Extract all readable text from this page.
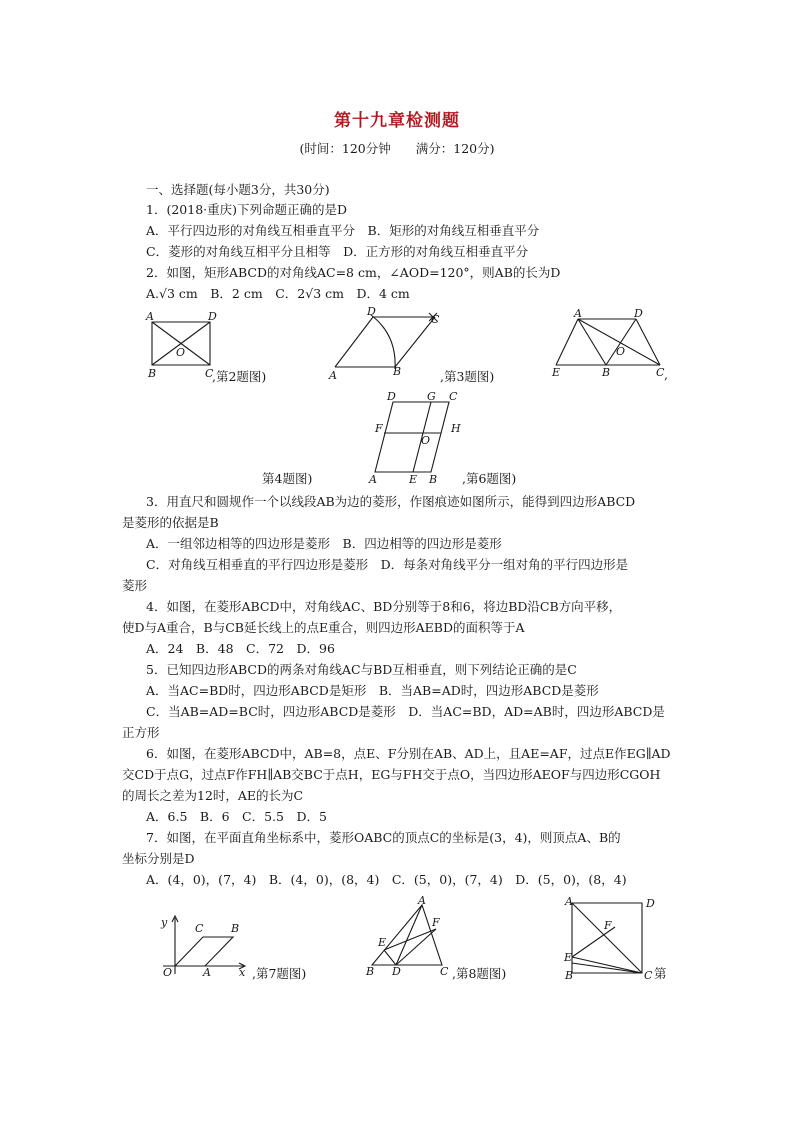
第十九章检测题
(时间：120分钟　　满分：120分)
一、选择题(每小题3分，共30分)
1．(2018·重庆)下列命题正确的是D
A．平行四边形的对角线互相垂直平分　B．矩形的对角线互相垂直平分
C．菱形的对角线互相平分且相等　D．正方形的对角线互相垂直平分
2．如图，矩形ABCD的对角线AC=8 cm，∠AOD=120°，则AB的长为D
A.√3 cm　B．2 cm　C．2√3 cm　D．4 cm
A	D
O
B	C
,第2题图)
D
C
A	B	,第3题图)
A	D
O
E	B	C ,
A
D	G C
F
O
H
E B
第4题图)	,第6题图)
3．用直尺和圆规作一个以线段AB为边的菱形，作图痕迹如图所示，能得到四边形ABCD
是菱形的依据是B
A．一组邻边相等的四边形是菱形　B．四边相等的四边形是菱形
C．对角线互相垂直的平行四边形是菱形　D．每条对角线平分一组对角的平行四边形是
菱形
4．如图，在菱形ABCD中，对角线AC、BD分别等于8和6，将边BD沿CB方向平移，
使D与A重合，B与CB延长线上的点E重合，则四边形AEBD的面积等于A
A．24　B．48　C．72　D．96
5．已知四边形ABCD的两条对角线AC与BD互相垂直，则下列结论正确的是C
A．当AC=BD时，四边形ABCD是矩形　B．当AB=AD时，四边形ABCD是菱形
C．当AB=AD=BC时，四边形ABCD是菱形　D．当AC=BD，AD=AB时，四边形ABCD是
正方形
6．如图，在菱形ABCD中，AB=8，点E、F分别在AB、AD上，且AE=AF，过点E作EG∥AD
交CD于点G，过点F作FH∥AB交BC于点H，EG与FH交于点O，当四边形AEOF与四边形CGOH
的周长之差为12时，AE的长为C
A．6.5　B．6　C．5.5　D．5
7．如图，在平面直角坐标系中，菱形OABC的顶点C的坐标是(3，4)，则顶点A、B的
坐标分别是D
A．(4，0)，(7，4)　B．(4，0)，(8，4)　C．(5，0)，(7，4)　D．(5，0)，(8，4)
y	C	B
O	A	x ,第7题图)
A
E
F
B D	C ,第8题图)
A	D
F
E
B	C 第
